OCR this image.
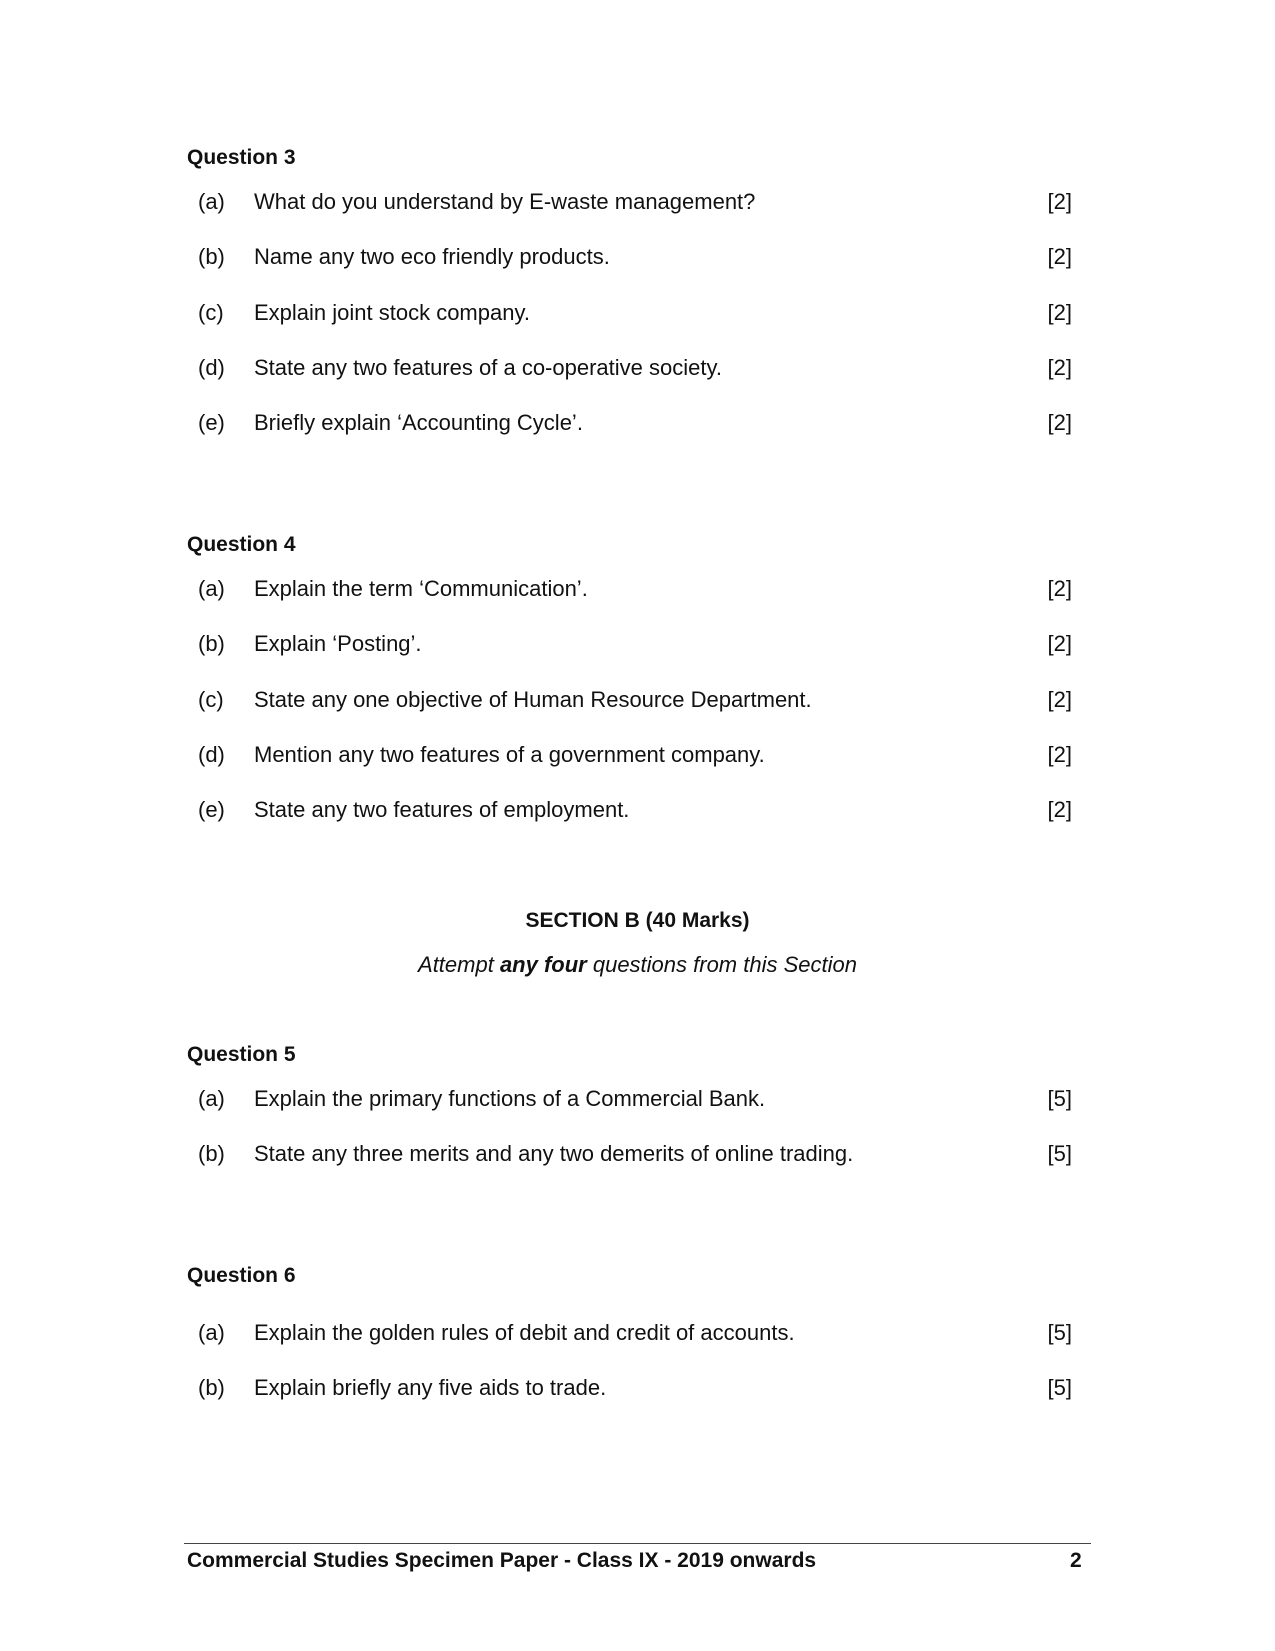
Question 3
(a) What do you understand by E-waste management?	[2]
(b) Name any two eco friendly products.	[2]
(c) Explain joint stock company.	[2]
(d) State any two features of a co-operative society.	[2]
(e) Briefly explain ‘Accounting Cycle’.	[2]
Question 4
(a) Explain the term ‘Communication’.	[2]
(b) Explain ‘Posting’.	[2]
(c) State any one objective of Human Resource Department.	[2]
(d) Mention any two features of a government company.	[2]
(e) State any two features of employment.	[2]
SECTION B (40 Marks)
Attempt any four questions from this Section
Question 5
(a) Explain the primary functions of a Commercial Bank.	[5]
(b) State any three merits and any two demerits of online trading.	[5]
Question 6
(a) Explain the golden rules of debit and credit of accounts.	[5]
(b) Explain briefly any five aids to trade.	[5]
Commercial Studies Specimen Paper - Class IX - 2019 onwards	2
